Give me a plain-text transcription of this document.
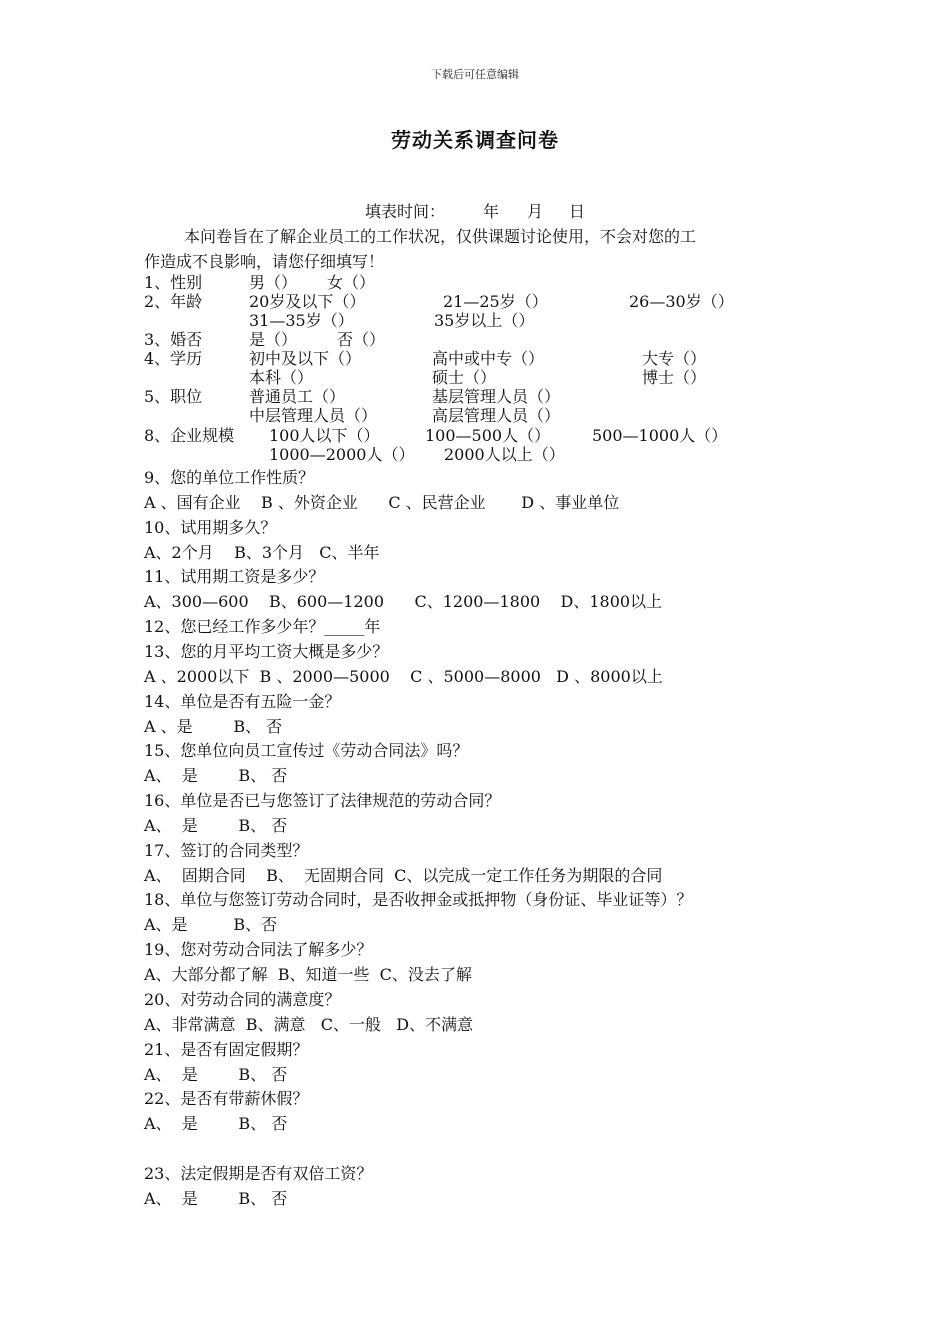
下载后可任意编辑
劳动关系调查问卷
填表时间： 年 月 日
本问卷旨在了解企业员工的工作状况，仅供课题讨论使用，不会对您的工
作造成不良影响，请您仔细填写！
1、性别	男（） 女（）
2、年龄	20岁及以下（）	21—25岁（）	26—30岁（）
31—35岁（）	35岁以上（）
3、婚否	是（） 否（）
4、学历	初中及以下（）	高中或中专（）	大专（）
本科（）	硕士（）	博士（）
5、职位	普通员工（）	基层管理人员（）
中层管理人员（）	高层管理人员（）
8、企业规模 100人以下（）	100—500人（）	500—1000人（）
1000—2000人（） 2000人以上（）
9、您的单位工作性质？
A 、国有企业    B 、外资企业      C 、民营企业       D 、事业单位
10、试用期多久？
A、2个月    B、3个月   C、半年
11、试用期工资是多少？
A、300—600    B、600—1200      C、1200—1800    D、1800以上
12、您已经工作多少年？_____年
13、您的月平均工资大概是多少？
A 、2000以下  B 、2000—5000    C 、5000—8000   D 、8000以上
14、单位是否有五险一金？
A 、是        B、 否
15、您单位向员工宣传过《劳动合同法》吗？
A、  是        B、 否
16、单位是否已与您签订了法律规范的劳动合同？
A、  是        B、 否
17、签订的合同类型？
A、  固期合同    B、  无固期合同  C、以完成一定工作任务为期限的合同
18、单位与您签订劳动合同时，是否收押金或抵押物（身份证、毕业证等）？
A、是         B、否
19、您对劳动合同法了解多少？
A、大部分都了解  B、知道一些  C、没去了解
20、对劳动合同的满意度？
A、非常满意  B、满意   C、一般   D、不满意
21、是否有固定假期？
A、  是        B、 否
22、是否有带薪休假？
A、  是        B、 否
23、法定假期是否有双倍工资？
A、  是        B、 否
